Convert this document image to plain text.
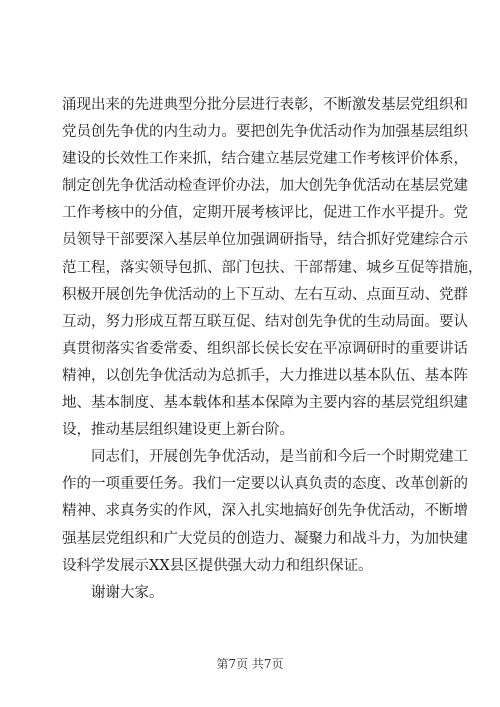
涌现出来的先进典型分批分层进行表彰，不断激发基层党组织和
党员创先争优的内生动力。要把创先争优活动作为加强基层组织
建设的长效性工作来抓，结合建立基层党建工作考核评价体系，
制定创先争优活动检查评价办法，加大创先争优活动在基层党建
工作考核中的分值，定期开展考核评比，促进工作水平提升。党
员领导干部要深入基层单位加强调研指导，结合抓好党建综合示
范工程，落实领导包抓、部门包扶、干部帮建、城乡互促等措施，
积极开展创先争优活动的上下互动、左右互动、点面互动、党群
互动，努力形成互帮互联互促、结对创先争优的生动局面。要认
真贯彻落实省委常委、组织部长侯长安在平凉调研时的重要讲话
精神，以创先争优活动为总抓手，大力推进以基本队伍、基本阵
地、基本制度、基本载体和基本保障为主要内容的基层党组织建
设，推动基层组织建设更上新台阶。
同志们，开展创先争优活动，是当前和今后一个时期党建工
作的一项重要任务。我们一定要以认真负责的态度、改革创新的
精神、求真务实的作风，深入扎实地搞好创先争优活动，不断增
强基层党组织和广大党员的创造力、凝聚力和战斗力，为加快建
设科学发展示XX县区提供强大动力和组织保证。
谢谢大家。
第7页 共7页
